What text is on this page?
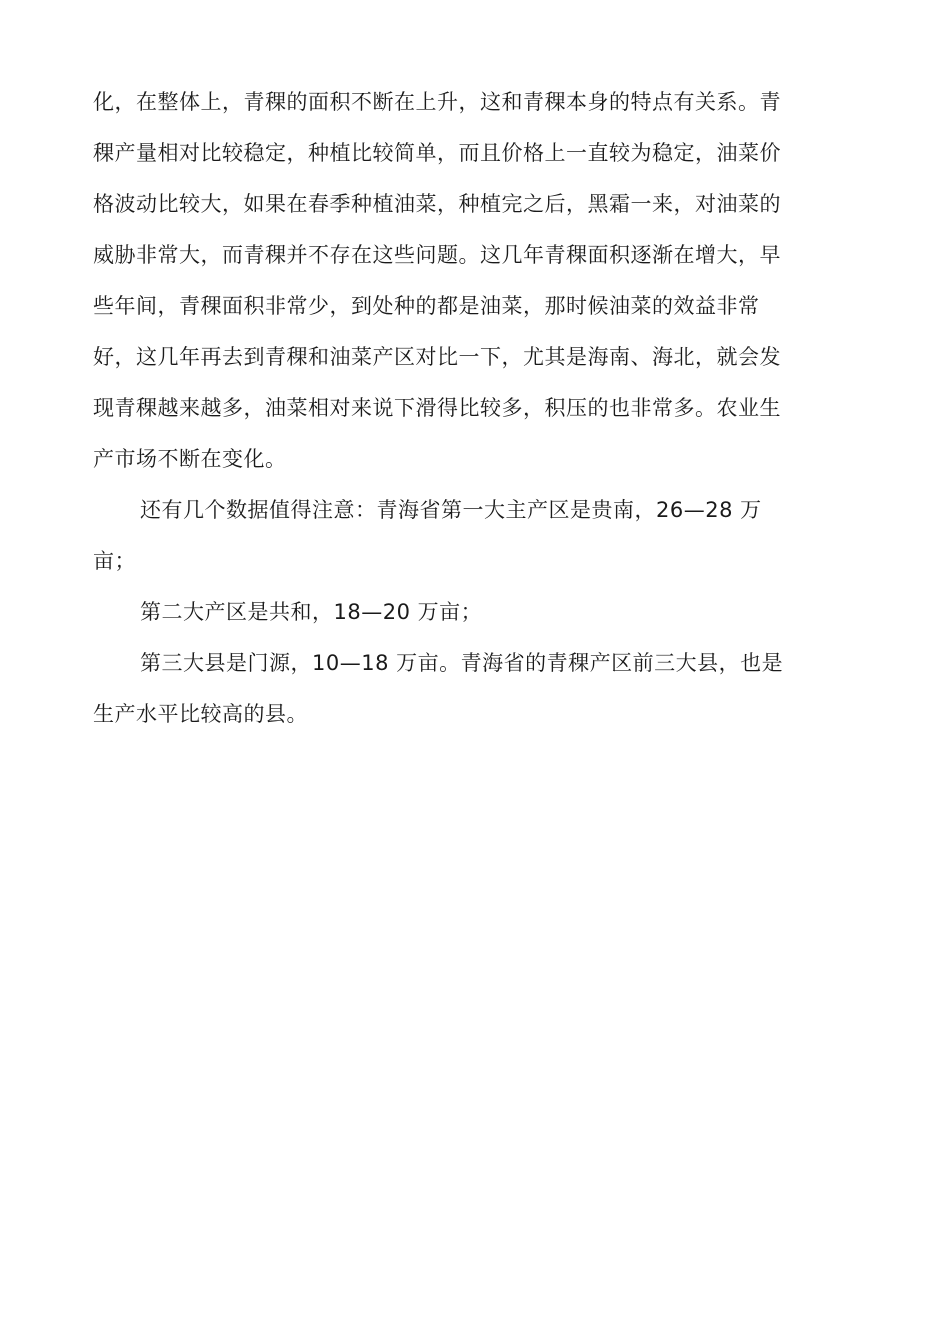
化，在整体上，青稞的面积不断在上升，这和青稞本身的特点有关系。青
稞产量相对比较稳定，种植比较简单，而且价格上一直较为稳定，油菜价
格波动比较大，如果在春季种植油菜，种植完之后，黑霜一来，对油菜的
威胁非常大，而青稞并不存在这些问题。这几年青稞面积逐渐在增大，早
些年间，青稞面积非常少，到处种的都是油菜，那时候油菜的效益非常
好，这几年再去到青稞和油菜产区对比一下，尤其是海南、海北，就会发
现青稞越来越多，油菜相对来说下滑得比较多，积压的也非常多。农业生
产市场不断在变化。
还有几个数据值得注意：青海省第一大主产区是贵南，26—28 万
亩；
第二大产区是共和，18—20 万亩；
第三大县是门源，10—18 万亩。青海省的青稞产区前三大县，也是
生产水平比较高的县。
